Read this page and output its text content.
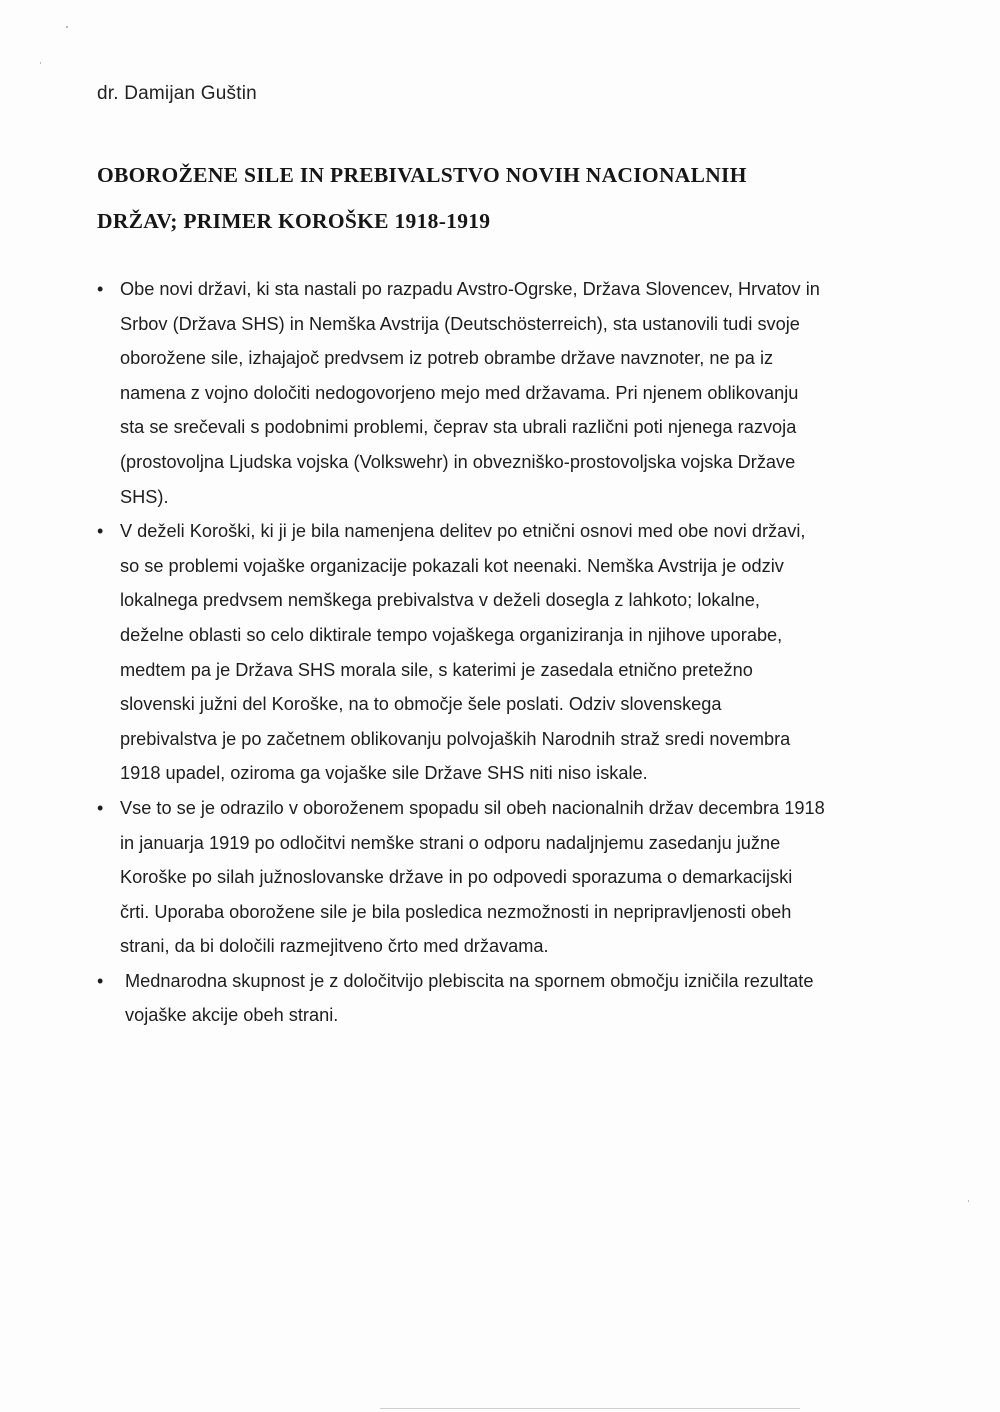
dr. Damijan Guštin
OBOROŽENE SILE IN PREBIVALSTVO NOVIH NACIONALNIH
DRŽAV; PRIMER KOROŠKE 1918-1919
• Obe novi državi, ki sta nastali po razpadu Avstro-Ogrske, Država Slovencev, Hrvatov in
Srbov (Država SHS) in Nemška Avstrija (Deutschösterreich), sta ustanovili tudi svoje
oborožene sile, izhajajoč predvsem iz potreb obrambe države navznoter, ne pa iz
namena z vojno določiti nedogovorjeno mejo med državama. Pri njenem oblikovanju
sta se srečevali s podobnimi problemi, čeprav sta ubrali različni poti njenega razvoja
(prostovoljna Ljudska vojska (Volkswehr) in obvezniško-prostovoljska vojska Države
SHS).
• V deželi Koroški, ki ji je bila namenjena delitev po etnični osnovi med obe novi državi,
so se problemi vojaške organizacije pokazali kot neenaki. Nemška Avstrija je odziv
lokalnega predvsem nemškega prebivalstva v deželi dosegla z lahkoto; lokalne,
deželne oblasti so celo diktirale tempo vojaškega organiziranja in njihove uporabe,
medtem pa je Država SHS morala sile, s katerimi je zasedala etnično pretežno
slovenski južni del Koroške, na to območje šele poslati. Odziv slovenskega
prebivalstva je po začetnem oblikovanju polvojaških Narodnih straž sredi novembra
1918 upadel, oziroma ga vojaške sile Države SHS niti niso iskale.
• Vse to se je odrazilo v oboroženem spopadu sil obeh nacionalnih držav decembra 1918
in januarja 1919 po odločitvi nemške strani o odporu nadaljnjemu zasedanju južne
Koroške po silah južnoslovanske države in po odpovedi sporazuma o demarkacijski
črti. Uporaba oborožene sile je bila posledica nezmožnosti in nepripravljenosti obeh
strani, da bi določili razmejitveno črto med državama.
•	Mednarodna skupnost je z določitvijo plebiscita na spornem območju izničila rezultate
vojaške akcije obeh strani.
